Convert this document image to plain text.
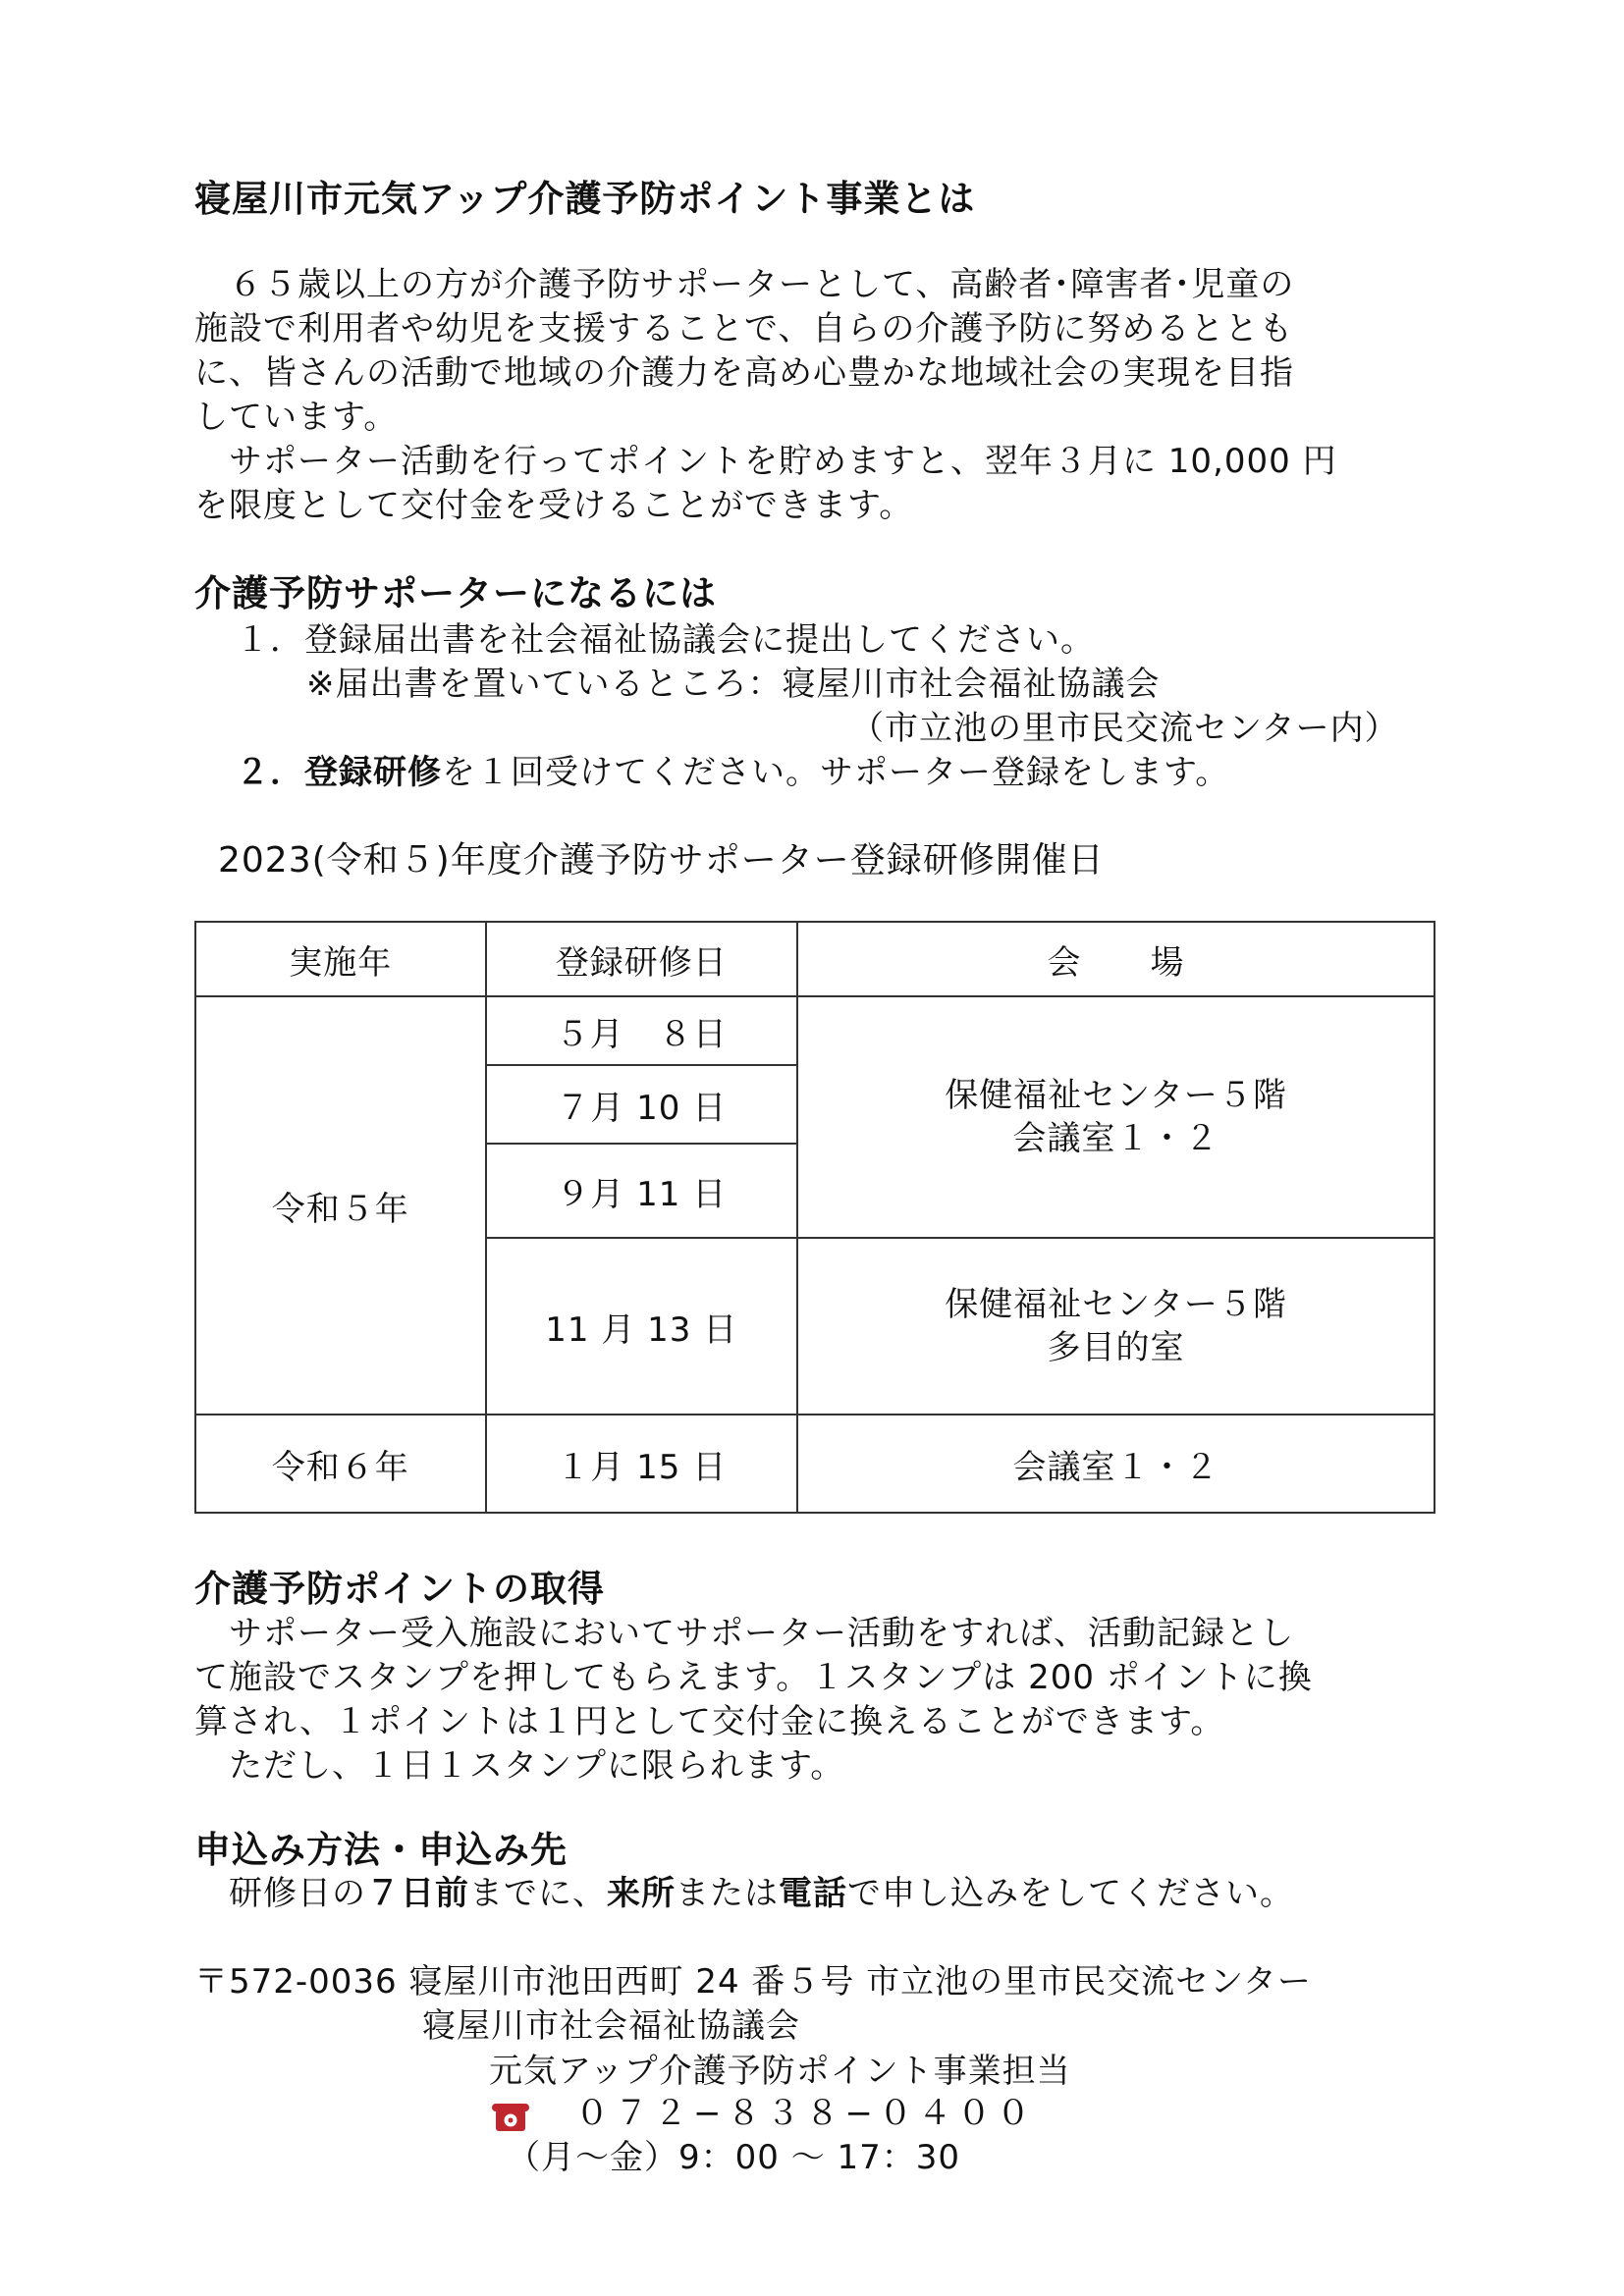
寝屋川市元気アップ介護予防ポイント事業とは
　６５歳以上の方が介護予防サポーターとして、高齢者･障害者･児童の
施設で利用者や幼児を支援することで、自らの介護予防に努めるととも
に、皆さんの活動で地域の介護力を高め心豊かな地域社会の実現を目指
しています。
　サポーター活動を行ってポイントを貯めますと、翌年３月に 10,000 円
を限度として交付金を受けることができます。
介護予防サポーターになるには
１．登録届出書を社会福祉協議会に提出してください。
※届出書を置いているところ：寝屋川市社会福祉協議会
（市立池の里市民交流センター内）
２．登録研修を１回受けてください。サポーター登録をします。
2023(令和５)年度介護予防サポーター登録研修開催日
実施年	登録研修日	会　　場
令和５年	５月　８日	保健福祉センター５階
会議室１・２

	７月 10 日	
	９月 11 日	
	11 月 13 日	保健福祉センター５階
多目的室

令和６年	１月 15 日	会議室１・２
介護予防ポイントの取得
　サポーター受入施設においてサポーター活動をすれば、活動記録とし
て施設でスタンプを押してもらえます。１スタンプは 200 ポイントに換
算され、１ポイントは１円として交付金に換えることができます。
　ただし、１日１スタンプに限られます。
申込み方法・申込み先
　研修日の７日前までに、来所または電話で申し込みをしてください。
〒572-0036 寝屋川市池田西町 24 番５号 市立池の里市民交流センター
寝屋川市社会福祉協議会
元気アップ介護予防ポイント事業担当
０７２−８３８−０４００
（月～金）9：00 ～ 17：30
